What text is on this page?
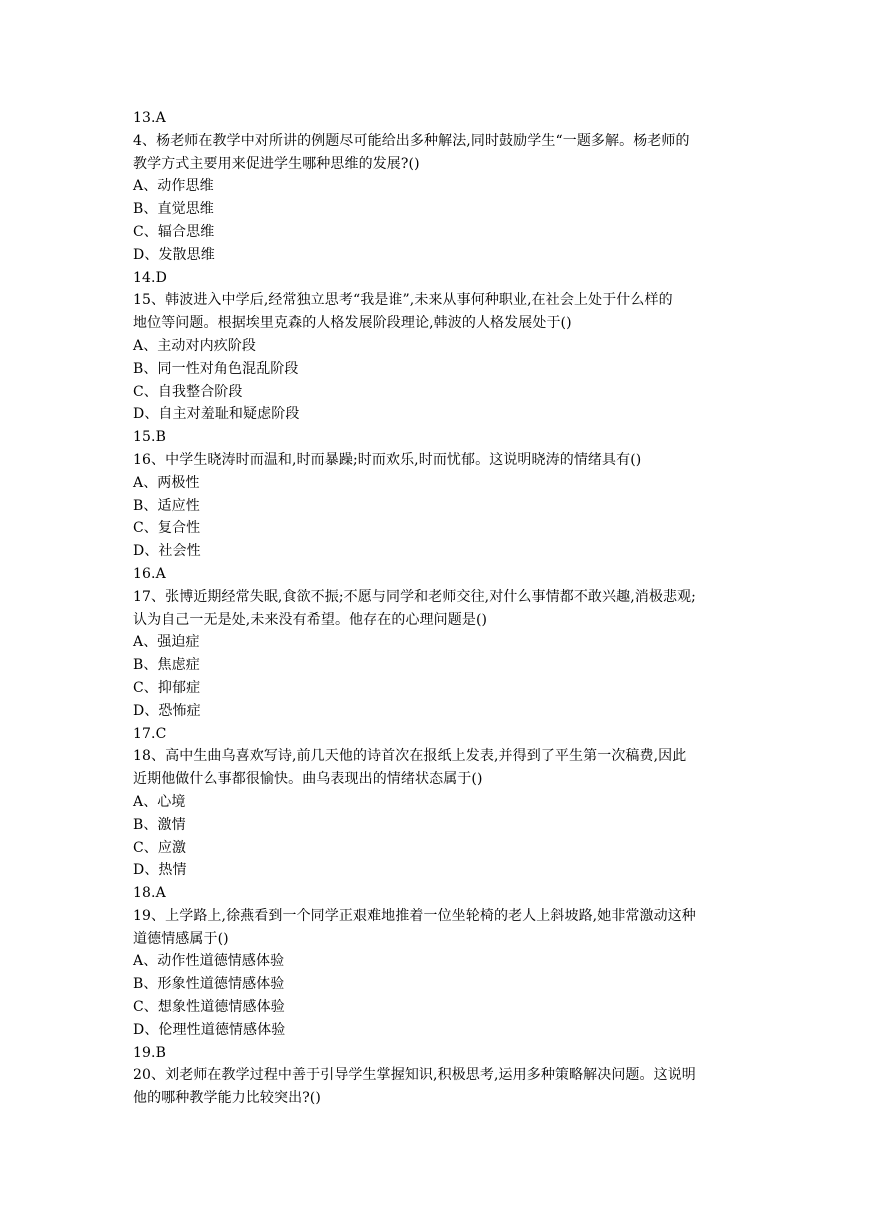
13.A
4、杨老师在教学中对所讲的例题尽可能给出多种解法,同时鼓励学生“一题多解。杨老师的
教学方式主要用来促进学生哪种思维的发展?()
A、动作思维
B、直觉思维
C、辐合思维
D、发散思维
14.D
15、韩波进入中学后,经常独立思考“我是谁”,未来从事何种职业,在社会上处于什么样的
地位等问题。根据埃里克森的人格发展阶段理论,韩波的人格发展处于()
A、主动对内疚阶段
B、同一性对角色混乱阶段
C、自我整合阶段
D、自主对羞耻和疑虑阶段
15.B
16、中学生晓涛时而温和,时而暴躁;时而欢乐,时而忧郁。这说明晓涛的情绪具有()
A、两极性
B、适应性
C、复合性
D、社会性
16.A
17、张博近期经常失眠,食欲不振;不愿与同学和老师交往,对什么事情都不敢兴趣,消极悲观;
认为自己一无是处,未来没有希望。他存在的心理问题是()
A、强迫症
B、焦虑症
C、抑郁症
D、恐怖症
17.C
18、高中生曲乌喜欢写诗,前几天他的诗首次在报纸上发表,并得到了平生第一次稿费,因此
近期他做什么事都很愉快。曲乌表现出的情绪状态属于()
A、心境
B、激情
C、应激
D、热情
18.A
19、上学路上,徐燕看到一个同学正艰难地推着一位坐轮椅的老人上斜坡路,她非常激动这种
道德情感属于()
A、动作性道德情感体验
B、形象性道德情感体验
C、想象性道德情感体验
D、伦理性道德情感体验
19.B
20、刘老师在教学过程中善于引导学生掌握知识,积极思考,运用多种策略解决问题。这说明
他的哪种教学能力比较突出?()
